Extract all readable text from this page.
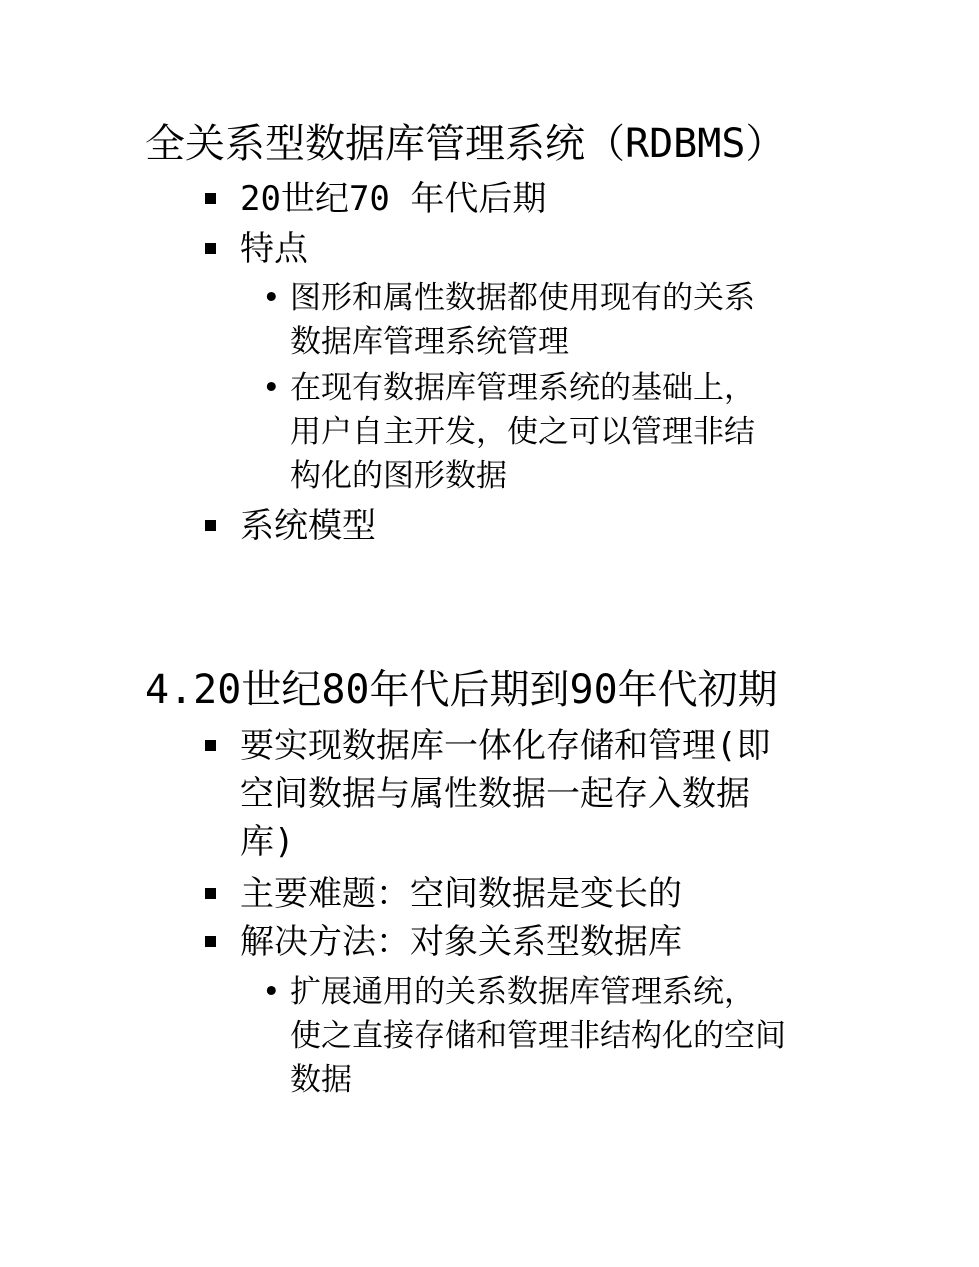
全关系型数据库管理系统（RDBMS）
20世纪70 年代后期
特点
• 图形和属性数据都使用现有的关系
数据库管理系统管理
• 在现有数据库管理系统的基础上，
用户自主开发，使之可以管理非结
构化的图形数据
系统模型
4.20世纪80年代后期到90年代初期
要实现数据库一体化存储和管理(即
空间数据与属性数据一起存入数据
库)
主要难题：空间数据是变长的
解决方法：对象关系型数据库
• 扩展通用的关系数据库管理系统，
使之直接存储和管理非结构化的空间
数据
